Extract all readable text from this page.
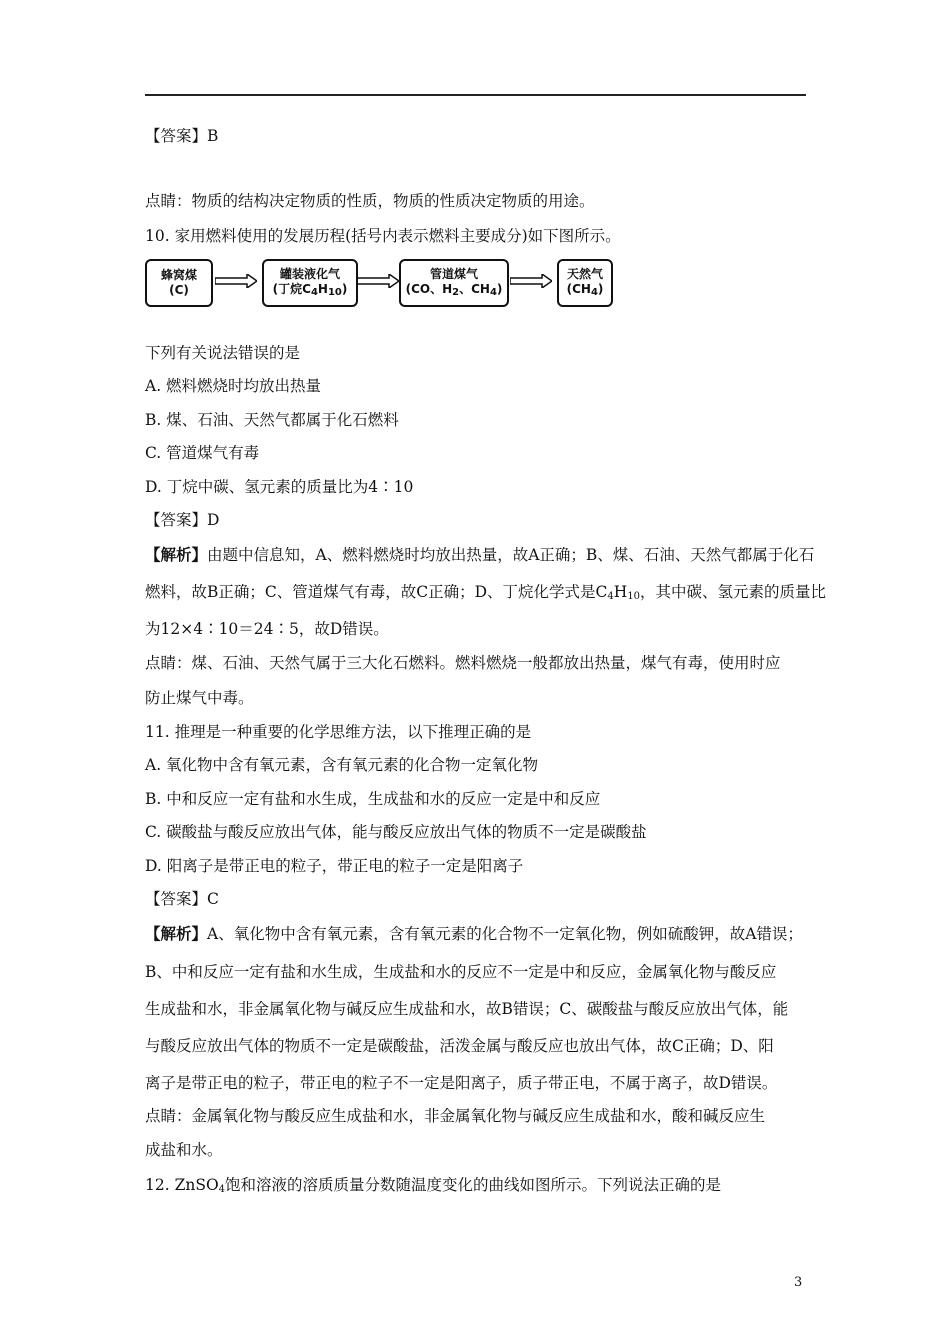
【答案】B
点睛：物质的结构决定物质的性质，物质的性质决定物质的用途。
10. 家用燃料使用的发展历程(括号内表示燃料主要成分)如下图所示。
蜂窝煤
(C)
罐装液化气
(丁烷$C_4H_{10}$)
管道煤气
(CO、$H_2$、$CH_4$)
天然气
$(CH_4)$
下列有关说法错误的是
A. 燃料燃烧时均放出热量
B. 煤、石油、天然气都属于化石燃料
C. 管道煤气有毒
D. 丁烷中碳、氢元素的质量比为4∶10
【答案】D
【解析】由题中信息知，A、燃料燃烧时均放出热量，故A正确；B、煤、石油、天然气都属于化石
燃料，故B正确；C、管道煤气有毒，故C正确；D、丁烷化学式是$C_4H_{10}$，其中碳、氢元素的质量比
为12×4∶10＝24∶5，故D错误。
点睛：煤、石油、天然气属于三大化石燃料。燃料燃烧一般都放出热量，煤气有毒，使用时应
防止煤气中毒。
11. 推理是一种重要的化学思维方法，以下推理正确的是
A. 氧化物中含有氧元素，含有氧元素的化合物一定氧化物
B. 中和反应一定有盐和水生成，生成盐和水的反应一定是中和反应
C. 碳酸盐与酸反应放出气体，能与酸反应放出气体的物质不一定是碳酸盐
D. 阳离子是带正电的粒子，带正电的粒子一定是阳离子
【答案】C
【解析】A、氧化物中含有氧元素，含有氧元素的化合物不一定氧化物，例如硫酸钾，故A错误；
B、中和反应一定有盐和水生成，生成盐和水的反应不一定是中和反应，金属氧化物与酸反应
生成盐和水，非金属氧化物与碱反应生成盐和水，故B错误；C、碳酸盐与酸反应放出气体，能
与酸反应放出气体的物质不一定是碳酸盐，活泼金属与酸反应也放出气体，故C正确；D、阳
离子是带正电的粒子，带正电的粒子不一定是阳离子，质子带正电，不属于离子，故D错误。
点睛：金属氧化物与酸反应生成盐和水，非金属氧化物与碱反应生成盐和水，酸和碱反应生
成盐和水。
12. ZnSO$_4$饱和溶液的溶质质量分数随温度变化的曲线如图所示。下列说法正确的是
3
